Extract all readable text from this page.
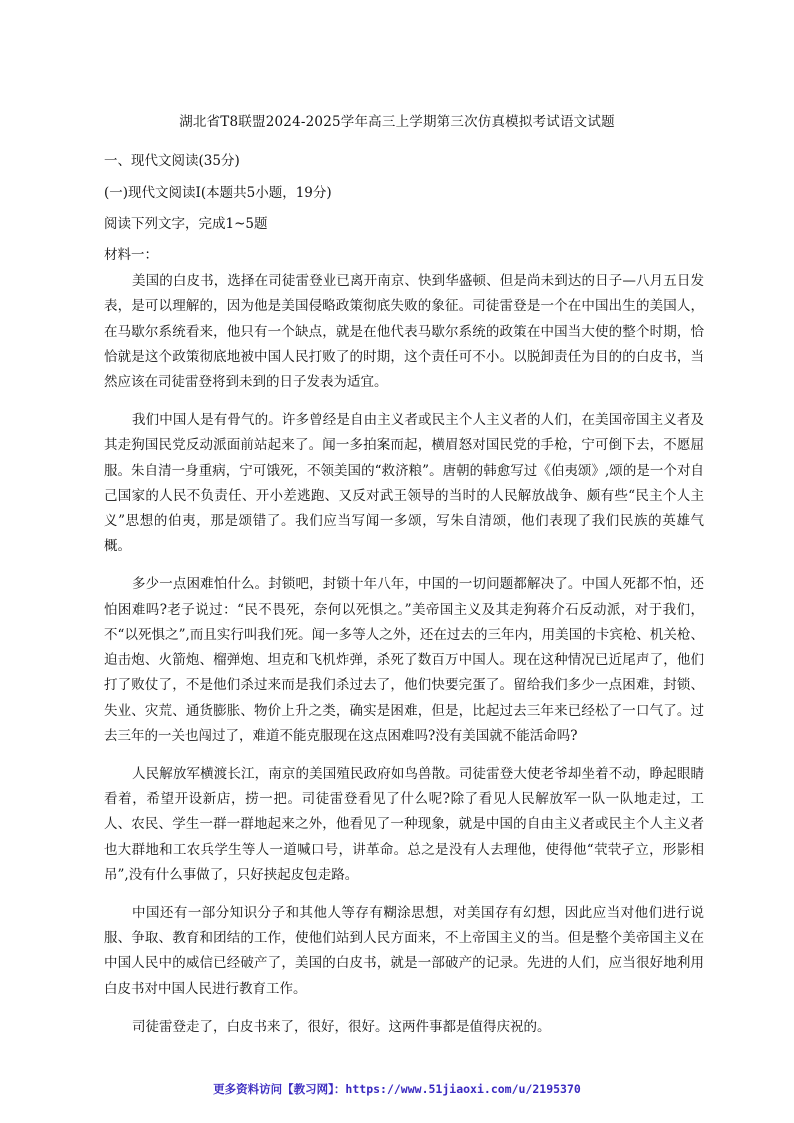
湖北省T8联盟2024-2025学年高三上学期第三次仿真模拟考试语文试题
一、现代文阅读(35分)
(一)现代文阅读I(本题共5小题，19分)
阅读下列文字，完成1~5题
材料一：

美国的白皮书，选择在司徒雷登业已离开南京、快到华盛顿、但是尚未到达的日子—八月五日发表，是可以理解的，因为他是美国侵略政策彻底失败的象征。司徒雷登是一个在中国出生的美国人，在马歇尔系统看来，他只有一个缺点，就是在他代表马歇尔系统的政策在中国当大使的整个时期，恰恰就是这个政策彻底地被中国人民打败了的时期，这个责任可不小。以脱卸责任为目的的白皮书，当然应该在司徒雷登将到未到的日子发表为适宜。

我们中国人是有骨气的。许多曾经是自由主义者或民主个人主义者的人们，在美国帝国主义者及其走狗国民党反动派面前站起来了。闻一多拍案而起，横眉怒对国民党的手枪，宁可倒下去，不愿屈服。朱自清一身重病，宁可饿死，不领美国的“救济粮”。唐朝的韩愈写过《伯夷颂》,颂的是一个对自己国家的人民不负责任、开小差逃跑、又反对武王领导的当时的人民解放战争、颇有些“民主个人主义”思想的伯夷，那是颂错了。我们应当写闻一多颂，写朱自清颂，他们表现了我们民族的英雄气概。

多少一点困难怕什么。封锁吧，封锁十年八年，中国的一切问题都解决了。中国人死都不怕，还怕困难吗?老子说过：“民不畏死，奈何以死惧之。”美帝国主义及其走狗蒋介石反动派，对于我们，不“以死惧之”,而且实行叫我们死。闻一多等人之外，还在过去的三年内，用美国的卡宾枪、机关枪、迫击炮、火箭炮、榴弹炮、坦克和飞机炸弹，杀死了数百万中国人。现在这种情况已近尾声了，他们打了败仗了，不是他们杀过来而是我们杀过去了，他们快要完蛋了。留给我们多少一点困难，封锁、失业、灾荒、通货膨胀、物价上升之类，确实是困难，但是，比起过去三年来已经松了一口气了。过去三年的一关也闯过了，难道不能克服现在这点困难吗?没有美国就不能活命吗?

人民解放军横渡长江，南京的美国殖民政府如鸟兽散。司徒雷登大使老爷却坐着不动，睁起眼睛看着，希望开设新店，捞一把。司徒雷登看见了什么呢?除了看见人民解放军一队一队地走过，工人、农民、学生一群一群地起来之外，他看见了一种现象，就是中国的自由主义者或民主个人主义者也大群地和工农兵学生等人一道喊口号，讲革命。总之是没有人去理他，使得他“茕茕孑立，形影相吊”,没有什么事做了，只好挟起皮包走路。

中国还有一部分知识分子和其他人等存有糊涂思想，对美国存有幻想，因此应当对他们进行说服、争取、教育和团结的工作，使他们站到人民方面来，不上帝国主义的当。但是整个美帝国主义在中国人民中的威信已经破产了，美国的白皮书，就是一部破产的记录。先进的人们，应当很好地利用白皮书对中国人民进行教育工作。

司徒雷登走了，白皮书来了，很好，很好。这两件事都是值得庆祝的。

更多资料访问【教习网】：https://www.51jiaoxi.com/u/2195370
